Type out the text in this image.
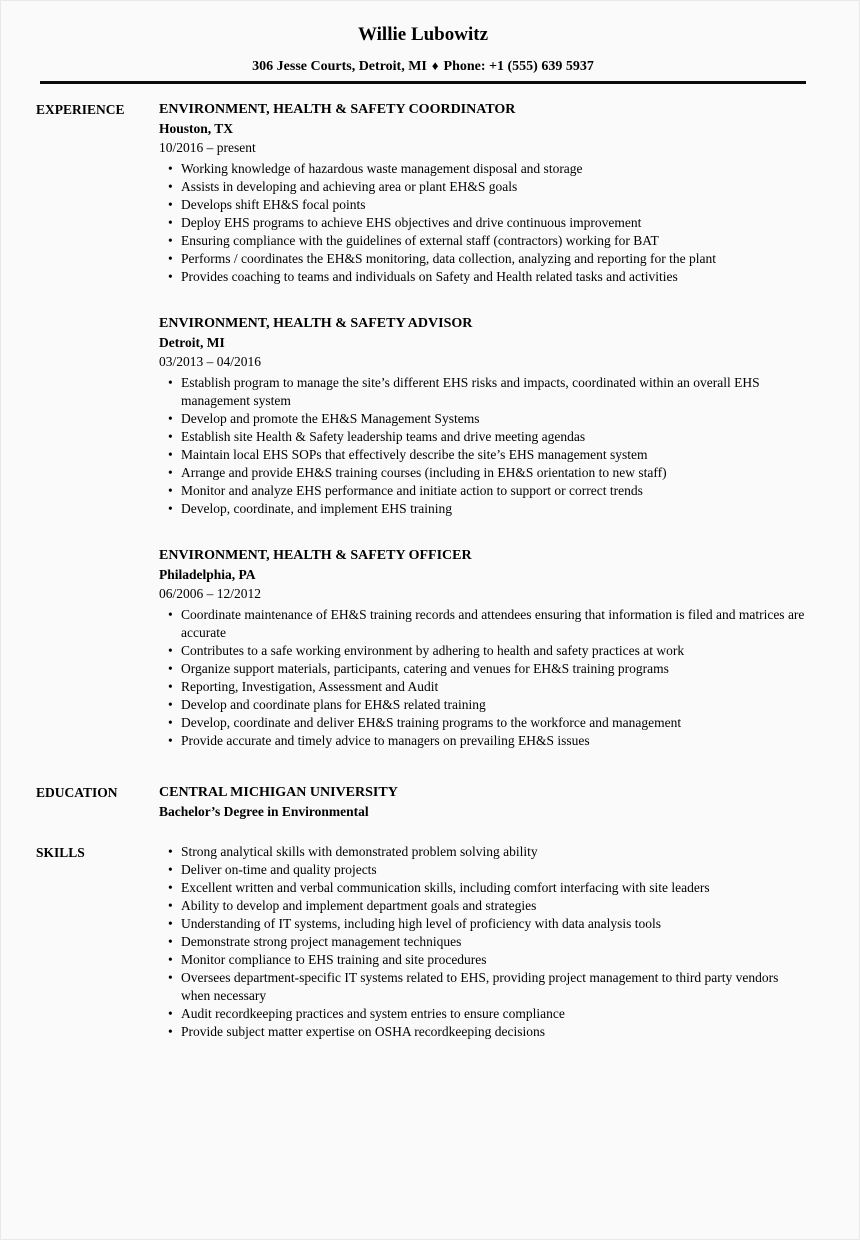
Willie Lubowitz

306 Jesse Courts, Detroit, MI ♦ Phone: +1 (555) 639 5937

EXPERIENCE	ENVIRONMENT, HEALTH & SAFETY COORDINATOR
Houston, TX
10/2016 – present
• Working knowledge of hazardous waste management disposal and storage
• Assists in developing and achieving area or plant EH&S goals
• Develops shift EH&S focal points
• Deploy EHS programs to achieve EHS objectives and drive continuous improvement
• Ensuring compliance with the guidelines of external staff (contractors) working for BAT
• Performs / coordinates the EH&S monitoring, data collection, analyzing and reporting for the plant
• Provides coaching to teams and individuals on Safety and Health related tasks and activities
ENVIRONMENT, HEALTH & SAFETY ADVISOR
Detroit, MI
03/2013 – 04/2016
• Establish program to manage the site’s different EHS risks and impacts, coordinated within an overall EHS management system
• Develop and promote the EH&S Management Systems
• Establish site Health & Safety leadership teams and drive meeting agendas
• Maintain local EHS SOPs that effectively describe the site’s EHS management system
• Arrange and provide EH&S training courses (including in EH&S orientation to new staff)
• Monitor and analyze EHS performance and initiate action to support or correct trends
• Develop, coordinate, and implement EHS training
ENVIRONMENT, HEALTH & SAFETY OFFICER
Philadelphia, PA
06/2006 – 12/2012
• Coordinate maintenance of EH&S training records and attendees ensuring that information is filed and matrices are accurate
• Contributes to a safe working environment by adhering to health and safety practices at work
• Organize support materials, participants, catering and venues for EH&S training programs
• Reporting, Investigation, Assessment and Audit
• Develop and coordinate plans for EH&S related training
• Develop, coordinate and deliver EH&S training programs to the workforce and management
• Provide accurate and timely advice to managers on prevailing EH&S issues
EDUCATION	CENTRAL MICHIGAN UNIVERSITY
Bachelor’s Degree in Environmental
SKILLS	• Strong analytical skills with demonstrated problem solving ability
• Deliver on-time and quality projects
• Excellent written and verbal communication skills, including comfort interfacing with site leaders
• Ability to develop and implement department goals and strategies
• Understanding of IT systems, including high level of proficiency with data analysis tools
• Demonstrate strong project management techniques
• Monitor compliance to EHS training and site procedures
• Oversees department-specific IT systems related to EHS, providing project management to third party vendors when necessary
• Audit recordkeeping practices and system entries to ensure compliance
• Provide subject matter expertise on OSHA recordkeeping decisions
